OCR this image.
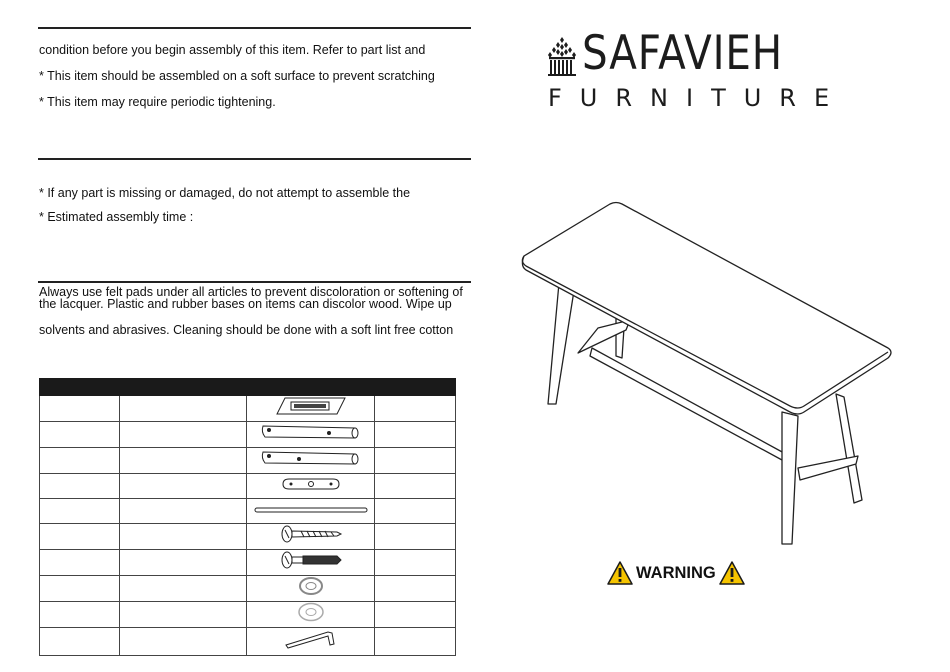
condition before you begin assembly of this item. Refer to part list and
* This item should be assembled on a soft surface to prevent scratching
* This item may require periodic tightening.
* If any part is missing or damaged, do not attempt to assemble the
* Estimated assembly time :
Always use felt pads under all articles to prevent discoloration or softening of
the lacquer. Plastic and rubber bases on items can discolor wood. Wipe up
solvents and abrasives. Cleaning should be done with a soft lint free cotton

SAFAVIEH
FURNITURE
WARNING
